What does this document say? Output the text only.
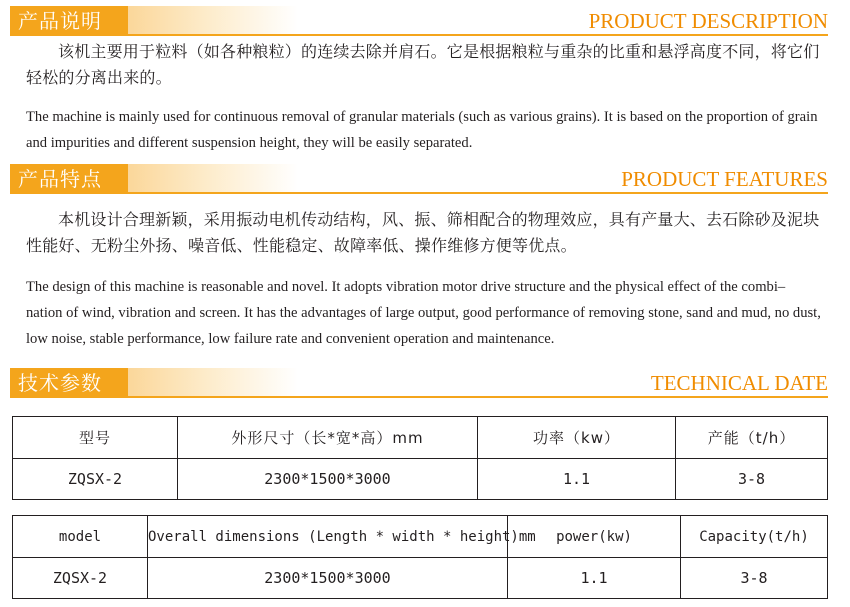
产品说明	PRODUCT DESCRIPTION

该机主要用于粒料（如各种粮粒）的连续去除并肩石。它是根据粮粒与重杂的比重和悬浮高度不同，将它们轻松的分离出来的。

The machine is mainly used for continuous removal of granular materials (such as various grains). It is based on the proportion of grain and impurities and different suspension height, they will be easily separated.

产品特点	PRODUCT FEATURES

本机设计合理新颖，采用振动电机传动结构，风、振、筛相配合的物理效应，具有产量大、去石除砂及泥块性能好、无粉尘外扬、噪音低、性能稳定、故障率低、操作维修方便等优点。

The design of this machine is reasonable and novel. It adopts vibration motor drive structure and the physical effect of the combi–nation of wind, vibration and screen. It has the advantages of large output, good performance of removing stone, sand and mud, no dust, low noise, stable performance, low failure rate and convenient operation and maintenance.

技术参数	TECHNICAL DATE
型号	外形尺寸（长*宽*高）mm	功率（kw）	产能（t/h）
ZQSX-2	2300*1500*3000	1.1	3-8
model	Overall dimensions (Length * width * height)mm	power(kw)	Capacity(t/h)
ZQSX-2	2300*1500*3000	1.1	3-8
